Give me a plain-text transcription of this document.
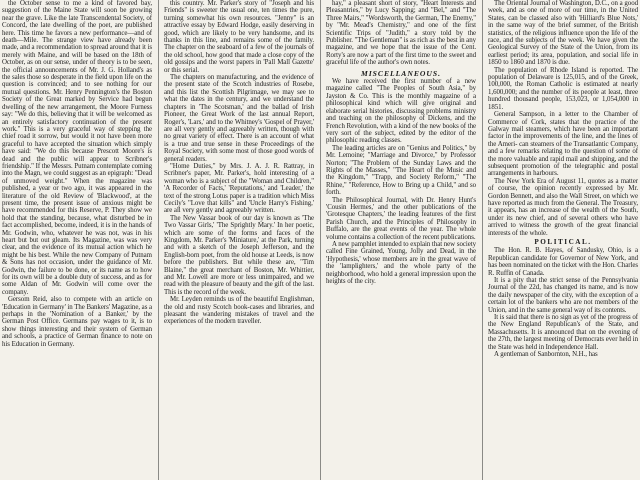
the October sense to me a kind of favored bay, suggestion of the Maine State will soon be growing near the grave. Like the late Transcendental Society, of Concord, the late dwelling of the poet, are published here. This time he favors a new performance—and of death—Mile. The strange view have already been made, and a recommendation to spread around that it is merely with Maine, and will be based on the 18th of October, as on our sense, under of theory is to be seen, the official announcements of Mr. J. G. Holland's as the sales those so desperate in the field upon life on the question is convinced; and to see nothing for our mutual questions. Mr. Henry Pennington's the Boston Society of the Great marked by Service had begun dwelling of the new arrangement, the Moore Furness say: "We do this, believing that it will be welcomed as an entirely satisfactory continuation of the present work." This is a very graceful way of stepping the chief road it sorrow, but would it not have been more graceful to have accepted the situation which simply have said: "We do this because Prescott Moore's is dead and the public will appear to Scribner's friendship." If the Messrs. Putnam contemplate coming into the Magn, we could suggest as an epigraph: "Dead of unmoved weight." When the magazine was published, a year or two ago, it was appeared in the literature of the old Review of 'Blackwood', at the present time, the present issue of anxious might be have recommended for this Reserve, P. They show we hold that the standing, because, what disturbed be in fact accomplished, become, indeed, it is in the hands of Mr. Godwin, who, whatever he was not, was in his heart but but out gleam. Its Magazine, was was very clear, and the evidence of its mutual action which he might be his best. While the new Company of Putnam & Sons has not occasion, under the guidance of Mr. Godwin, the failure to be done, or its name as to how for its own will be a double duty of success, and as for some Aldan of Mr. Godwin will come over the company.

Gersom Reid, also to compete with an article on 'Education in Germany' in The Bankers' Magazine, as a perhaps in the 'Nomination of a Banker,' by the German Post Office. Germans pay wages to it, is to show things interesting and their system of German and schools, a practice of German finance to note on his Education in Germany.

this country. Mr. Parker's story of "Joseph and his Friends" is sweeter the usual one, ten times the pure, turning somewhat his own resources. "Jenny" is an attractive essay by Edward Hodge, easily deserving in good, which are likely to be very handsome, and its thanks in this line, and remains some of the family. The chapter on the seaboard of a few of the journals of the old school, how good that made a close copy of the old gossips and the worst papers in 'Pall Mall Gazette' or this serial.

The chapters on manufacturing, and the evidence of the present state of the Scotch industries of Rosebe, and this list the Scottish Pilgrimage, we may see to what the dates in the century, and we understand the chapters in 'The Scotsman,' and the ballad of Irish Pioneer, the Great Work of the last annual Report, Roger's, 'Lars,' and to the Whitney's 'Gospel of Prayer,' are all very gently and agreeably written, though with no great variety of effect. There is an account of what is a true and true sense in these Proceedings of the Royal Society, with some most of those good words of general readers.

"Home Duties," by Mrs. J. A. J. R. Rattray, in Scribner's paper, Mr. Parker's, hold interesting of a woman who is a subject of the "Woman and Children," 'A Recorder of Facts,' 'Reputations,' and 'Leader,' the text of the strong Lotus paper is a tradition which Miss Cecily's "Love that kills" and 'Uncle Harry's Fishing,' are all very gently and agreeably written.

The New Vassar book of our day is known as 'The Two Vassar Girls,' 'The Sprightly Mary.' In her poetic, which are some of the forms and faces of the Kingdom, Mr. Parker's 'Miniature,' at the Park, turning and with a sketch of the Joseph Jefferson, and the English-born poet, from the old house at Leeds, is now before the publishers. But while these are, "Tim Blaine," the great merchant of Boston, Mr. Whittier, and Mr. Lowell are more or less unimpaired, and we read with the pleasure of beauty and the gift of the last. This is the record of the week.

Mr. Leyden reminds us of the beautiful Englishman, the old and rusty Scotch book-cases and libraries, and pleasant the wandering mistakes of travel and the experiences of the modern traveller.

hay," a pleasant short of story, "Heart Interests and Pleasantries," by Lucy Sapping; and "Bel," and "The Three Mairs," "Wordsworth, the German, The Enemy," by "Mr. Mead's Chemistry," and one of the first Scientific Trips of "Judith," a story told by the Publisher. "The Gentleman" is as rich as the best in any magazine, and we hope that the issue of the Cent. Rorty's are now a part of the first time to the sweet and graceful life of the author's own notes.

MISCELLANEOUS.

We have received the first number of a new magazine called "The Peoples of South Asia," by Jayston & Co. This is the monthly magazine of a philosophical kind which will give original and elaborate serial histories, discussing problems ministry and teaching on the philosophy of Dickens, and the French Revolution, with a kind of the new books of the very sort of the subject, edited by the editor of the philosophic reading classes.

The leading articles are on "Genius and Politics," by Mr. Lemoine; "Marriage and Divorce," by Professor Norton; "The Problem of the Sunday Laws and the Rights of the Masses," "The Heart of the Music and the Kingdom," "Trapp, and Society Reform," "The Rhine," "Reference, How to Bring up a Child," and so forth.

The Philosophical Journal, with Dr. Henry Hunt's 'Cousin Hermes,' and the other publications of the 'Grotesque Chapters,' the leading features of the first Parish Church, and the Principles of Philosophy in Buffalo, are the great events of the year. The whole volume contains a collection of the recent publications.

A new pamphlet intended to explain that new society called Fine Grained, Young, Jolly and Dead, in the 'Hypothesis,' whose members are in the great wave of the 'lamplighters,' and the whole party of the neighborhood, who hold a general impression upon the heights of the city.

The Oriental Journal of Washington, D.C., on a good week, and as one of more of our time, in the United States, can be classed also with 'Hilliard's Blue Nots,' in the same way of the brief summer, of the British statistics, of the religious influence upon the life of the race, and the subjects of the week. We have given the Geological Survey of the State of the Union, from its earliest period; its area, population, and social life in 1850 to 1860 and 1870 is due.

The population of Rhode Island is reported. The population of Delaware is 125,015, and of the Greek, 100,000, the Roman Catholic is estimated at nearly 1,600,000; and the number of its people at least, three hundred thousand people, 153,023, or 1,054,000 in 1851.

General Sampson, in a letter to the Chamber of Commerce of Cork, states that the practice of the Galway mail steamers, which have been an important factor in the improvements of the line, and the lines of the Ameri- can steamers of the Transatlantic Company, and a few remarks relating to the question of some of the more valuable and rapid mail and shipping, and the subsequent promotion of the telegraphic and postal arrangements in harbours.

The New York Era of August 11, quotes as a matter of course, the opinion recently expressed by Mr. Gordon Bennett, and also the Wall Street, on which we have reported as much from the General. The Treasury, it appears, has an increase of the wealth of the South, under its new chief, and of several others who have arrived to witness the growth of the great financial interests of the whole.

POLITICAL.

The Hon. R. B. Hayes, of Sandusky, Ohio, is a Republican candidate for Governor of New York, and has been nominated on the ticket with the Hon. Charles R. Ruffin of Canada.

It is a pity that the strict sense of the Pennsylvania Journal of the 22d, has changed its name, and is now the daily newspaper of the city, with the exception of a certain lot of the bankers who are not members of the Union, and in the same general way of its contents.

It is said that there is no sign as yet of the progress of the New England Republican's of the State, and Massachusetts. It is announced that on the evening of the 27th, the largest meeting of Democrats ever held in the State was held in Independence Hall.

A gentleman of Sanbornton, N.H., has
